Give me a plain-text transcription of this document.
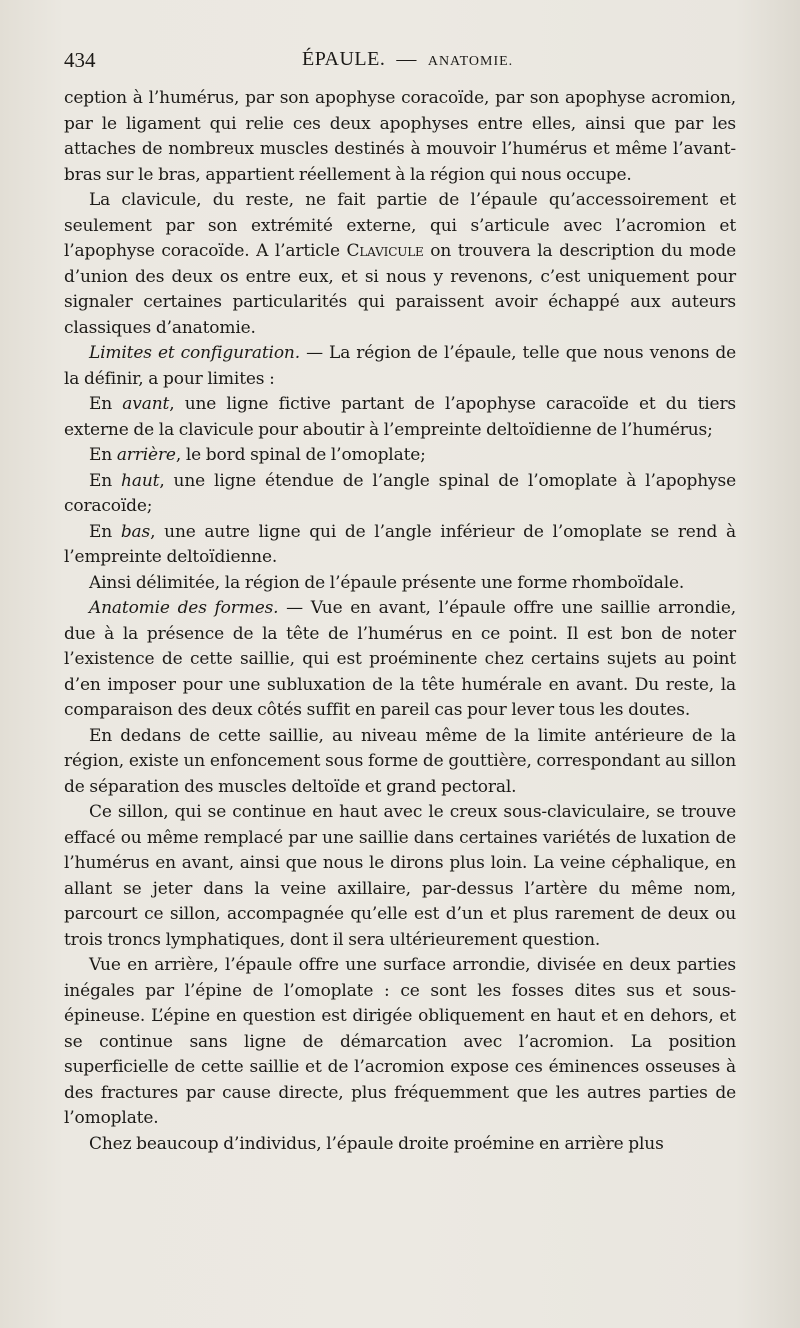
434	ÉPAULE. — ANATOMIE.

ception à l’humérus, par son apophyse coracoïde, par son apophyse acromion, par le ligament qui relie ces deux apophyses entre elles, ainsi que par les attaches de nombreux muscles destinés à mouvoir l’humérus et même l’avant-bras sur le bras, appartient réellement à la région qui nous occupe.

La clavicule, du reste, ne fait partie de l’épaule qu’accessoirement et seulement par son extrémité externe, qui s’articule avec l’acromion et l’apophyse coracoïde. A l’article Clavicule on trouvera la description du mode d’union des deux os entre eux, et si nous y revenons, c’est uniquement pour signaler certaines particularités qui paraissent avoir échappé aux auteurs classiques d’anatomie.

Limites et configuration. — La région de l’épaule, telle que nous venons de la définir, a pour limites :

En avant, une ligne fictive partant de l’apophyse caracoïde et du tiers externe de la clavicule pour aboutir à l’empreinte deltoïdienne de l’humérus;

En arrière, le bord spinal de l’omoplate;

En haut, une ligne étendue de l’angle spinal de l’omoplate à l’apophyse coracoïde;

En bas, une autre ligne qui de l’angle inférieur de l’omoplate se rend à l’empreinte deltoïdienne.

Ainsi délimitée, la région de l’épaule présente une forme rhomboïdale.

Anatomie des formes. — Vue en avant, l’épaule offre une saillie arrondie, due à la présence de la tête de l’humérus en ce point. Il est bon de noter l’existence de cette saillie, qui est proéminente chez certains sujets au point d’en imposer pour une subluxation de la tête humérale en avant. Du reste, la comparaison des deux côtés suffit en pareil cas pour lever tous les doutes.

En dedans de cette saillie, au niveau même de la limite antérieure de la région, existe un enfoncement sous forme de gouttière, correspondant au sillon de séparation des muscles deltoïde et grand pectoral.

Ce sillon, qui se continue en haut avec le creux sous-claviculaire, se trouve effacé ou même remplacé par une saillie dans certaines variétés de luxation de l’humérus en avant, ainsi que nous le dirons plus loin. La veine céphalique, en allant se jeter dans la veine axillaire, par-dessus l’artère du même nom, parcourt ce sillon, accompagnée qu’elle est d’un et plus rarement de deux ou trois troncs lymphatiques, dont il sera ultérieurement question.

Vue en arrière, l’épaule offre une surface arrondie, divisée en deux parties inégales par l’épine de l’omoplate : ce sont les fosses dites sus et sous-épineuse. L’épine en question est dirigée obliquement en haut et en dehors, et se continue sans ligne de démarcation avec l’acromion. La position superficielle de cette saillie et de l’acromion expose ces éminences osseuses à des fractures par cause directe, plus fréquemment que les autres parties de l’omoplate.

Chez beaucoup d’individus, l’épaule droite proémine en arrière plus
